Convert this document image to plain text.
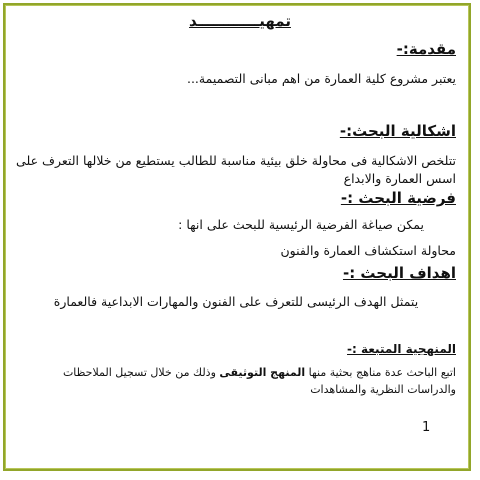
تمهيــــــــــــد
مقدمة:-
يعتبر مشروع كلية العمارة من اهم مبانى التصميمة...
اشكالية البحث:-
تتلخص الاشكالية فى محاولة خلق بيئية مناسبة للطالب يستطيع من خلالها التعرف على اسس العمارة والابداع
فرضية البحث :-
يمكن صياغة الفرضية الرئيسية للبحث على انها :
محاولة استكشاف العمارة والفنون
اهداف البحث :-
يتمثل الهدف الرئيسى للتعرف على الفنون والمهارات الابداعية فالعمارة
المنهجية المتبعة :-
اتبع الباحث عدة مناهج بحثية منها المنهج التوثيقى وذلك من خلال تسجيل الملاحظات والدراسات النظرية والمشاهدات
1
